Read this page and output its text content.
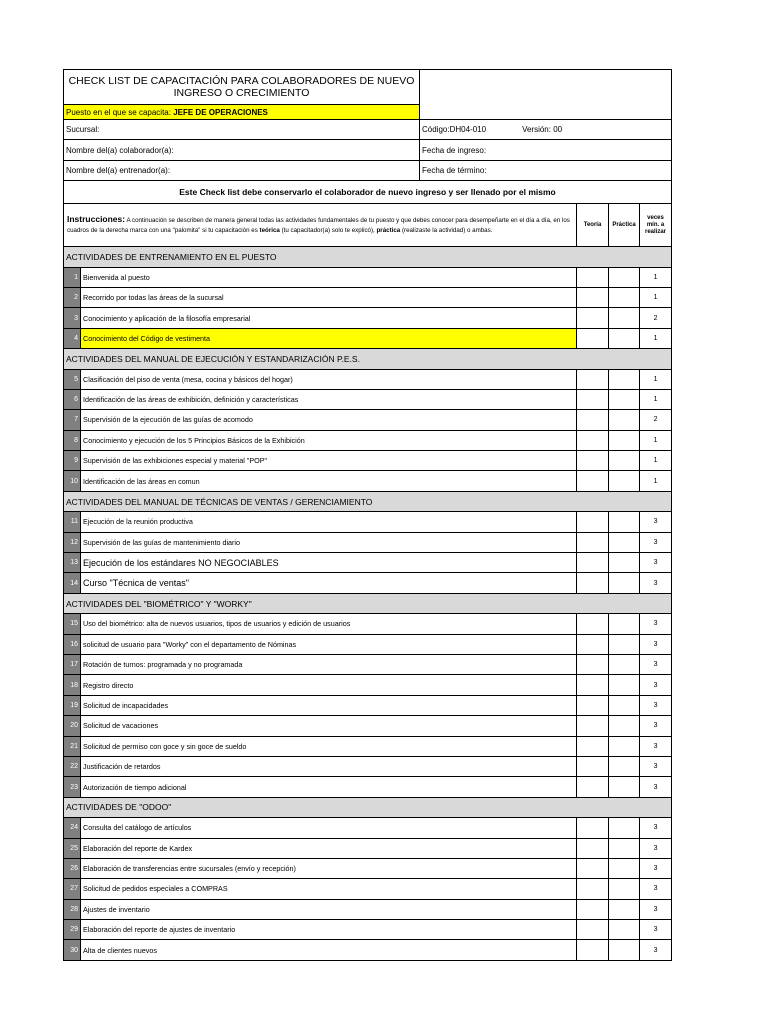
CHECK LIST DE CAPACITACIÓN PARA COLABORADORES DE NUEVO INGRESO O CRECIMIENTO					
Puesto en el que se capacita: JEFE DE OPERACIONES					
Sucursal:		Código:DH04-010 Versión: 00			
Nombre del(a) colaborador(a):		Fecha de ingreso:			
Nombre del(a) entrenador(a):		Fecha de término:			
Este Check list debe conservarlo el colaborador de nuevo ingreso y ser llenado por el mismo					
Instrucciones: A continuación se describen de manera general todas las actividades fundamentales de tu puesto y que debes conocer para desempeñarte en el día a día, en los cuadros de la derecha marca con una "palomita" si tu capacitación es teórica (tu capacitador(a) solo te explicó), práctica (realizaste la actividad) o ambas.			Teoría	Práctica	veces mín. a realizar
ACTIVIDADES DE ENTRENAMIENTO EN EL PUESTO					
1	Bienvenida al puesto				1
2	Recorrido por todas las áreas de la sucursal				1
3	Conocimiento y aplicación de la filosofía empresarial				2
4	Conocimiento del Código de vestimenta				1
ACTIVIDADES DEL MANUAL DE EJECUCIÓN Y ESTANDARIZACIÓN P.E.S.					
5	Clasificación del piso de venta (mesa, cocina y básicos del hogar)				1
6	Identificación de las áreas de exhibición, definición y características				1
7	Supervisión de la ejecución de las guías de acomodo				2
8	Conocimiento y ejecución de los 5 Principios Básicos de la Exhibición				1
9	Supervisión de las exhibiciones especial y material "POP"				1
10	Identificación de las áreas en comun				1
ACTIVIDADES DEL MANUAL DE TÉCNICAS DE VENTAS / GERENCIAMIENTO					
11	Ejecución de la reunión productiva				3
12	Supervisión de las guías de mantenimiento diario				3
13	Ejecución de los estándares NO NEGOCIABLES				3
14	Curso "Técnica de ventas"				3
ACTIVIDADES DEL "BIOMÉTRICO" Y "WORKY"					
15	Uso del biométrico: alta de nuevos usuarios, tipos de usuarios y edición de usuarios				3
16	solicitud de usuario para "Worky" con el departamento de Nóminas				3
17	Rotación de turnos: programada y no programada				3
18	Registro directo				3
19	Solicitud de incapacidades				3
20	Solicitud de vacaciones				3
21	Solicitud de permiso con goce y sin goce de sueldo				3
22	Justificación de retardos				3
23	Autorización de tiempo adicional				3
ACTIVIDADES DE "ODOO"					
24	Consulta del catálogo de artículos				3
25	Elaboración del reporte de Kardex				3
26	Elaboración de transferencias entre sucursales (envío y recepción)				3
27	Solicitud de pedidos especiales a COMPRAS				3
28	Ajustes de inventario				3
29	Elaboración del reporte de ajustes de inventario				3
30	Alta de clientes nuevos				3
